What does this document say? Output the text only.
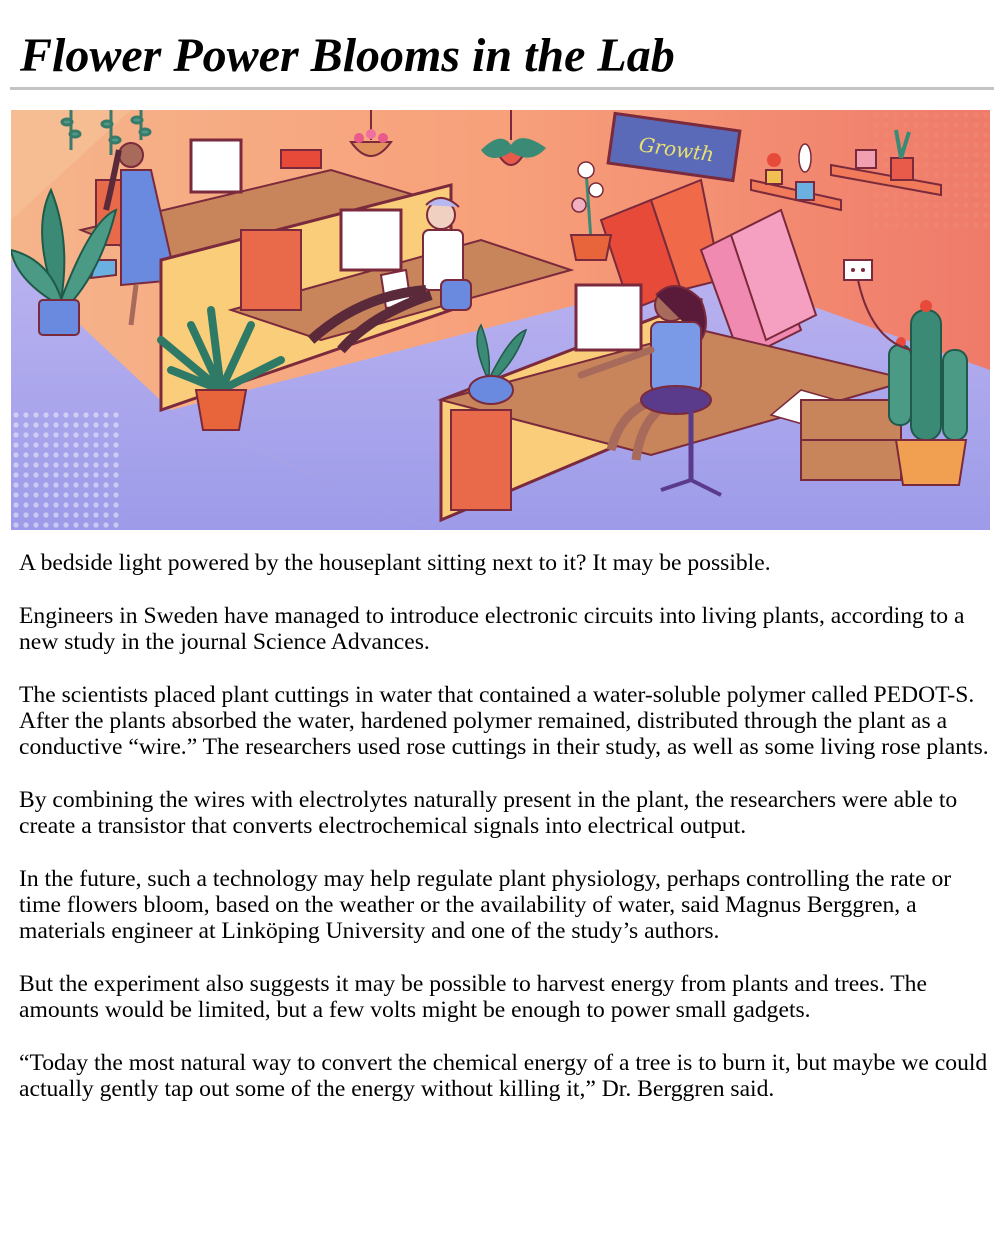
Flower Power Blooms in the Lab
Growth

A bedside light powered by the houseplant sitting next to it? It may be possible.

Engineers in Sweden have managed to introduce electronic circuits into living plants, according to a new study in the journal Science Advances.

The scientists placed plant cuttings in water that contained a water-soluble polymer called PEDOT-S. After the plants absorbed the water, hardened polymer remained, distributed through the plant as a conductive “wire.” The researchers used rose cuttings in their study, as well as some living rose plants.

By combining the wires with electrolytes naturally present in the plant, the researchers were able to create a transistor that converts electrochemical signals into electrical output.

In the future, such a technology may help regulate plant physiology, perhaps controlling the rate or time flowers bloom, based on the weather or the availability of water, said Magnus Berggren, a materials engineer at Linköping University and one of the study’s authors.

But the experiment also suggests it may be possible to harvest energy from plants and trees. The amounts would be limited, but a few volts might be enough to power small gadgets.

“Today the most natural way to convert the chemical energy of a tree is to burn it, but maybe we could actually gently tap out some of the energy without killing it,” Dr. Berggren said.
